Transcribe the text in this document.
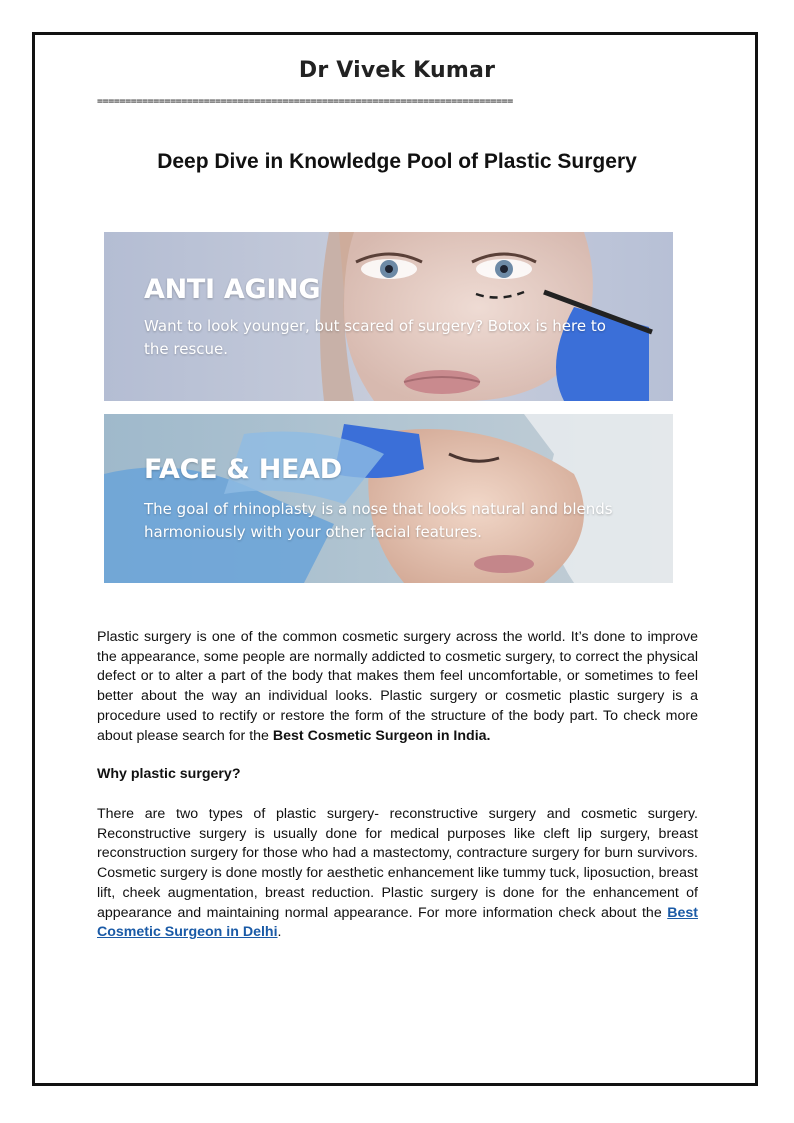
Dr Vivek Kumar
==========================================================================
Deep Dive in Knowledge Pool of Plastic Surgery
ANTI AGING
Want to look younger, but scared of surgery? Botox is here to the rescue.
FACE & HEAD
The goal of rhinoplasty is a nose that looks natural and blends harmoniously with your other facial features.

Plastic surgery is one of the common cosmetic surgery across the world. It’s done to improve the appearance, some people are normally addicted to cosmetic surgery, to correct the physical defect or to alter a part of the body that makes them feel uncomfortable, or sometimes to feel better about the way an individual looks. Plastic surgery or cosmetic plastic surgery is a procedure used to rectify or restore the form of the structure of the body part. To check more about please search for the Best Cosmetic Surgeon in India.

Why plastic surgery?

There are two types of plastic surgery- reconstructive surgery and cosmetic surgery. Reconstructive surgery is usually done for medical purposes like cleft lip surgery, breast reconstruction surgery for those who had a mastectomy, contracture surgery for burn survivors. Cosmetic surgery is done mostly for aesthetic enhancement like tummy tuck, liposuction, breast lift, cheek augmentation, breast reduction. Plastic surgery is done for the enhancement of appearance and maintaining normal appearance. For more information check about the Best Cosmetic Surgeon in Delhi.
